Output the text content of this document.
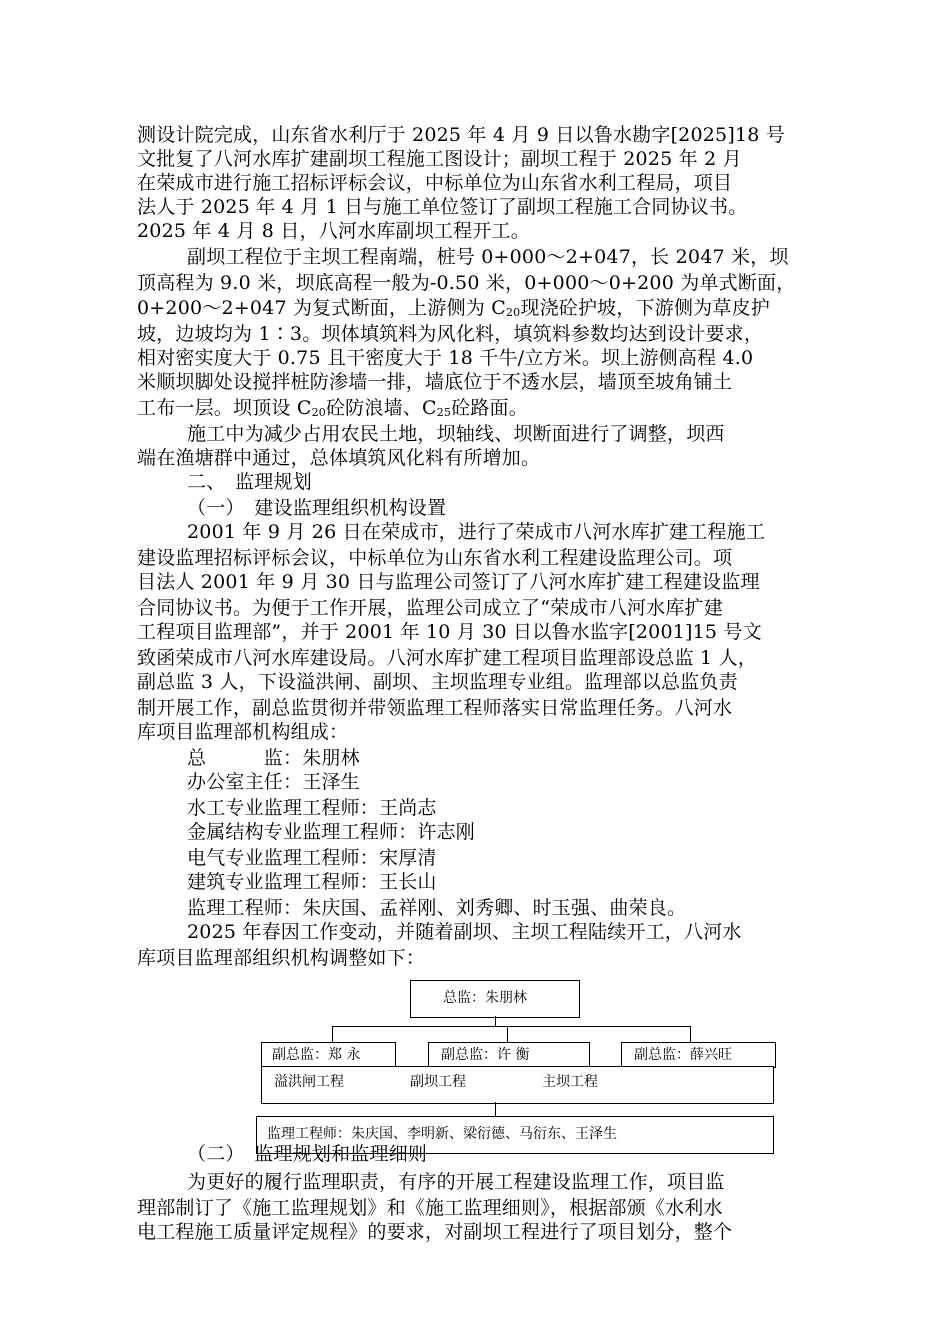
测设计院完成，山东省水利厅于 2025 年 4 月 9 日以鲁水勘字[2025]18 号
文批复了八河水库扩建副坝工程施工图设计；副坝工程于 2025 年 2 月
在荣成市进行施工招标评标会议，中标单位为山东省水利工程局，项目
法人于 2025 年 4 月 1 日与施工单位签订了副坝工程施工合同协议书。
2025 年 4 月 8 日，八河水库副坝工程开工。
副坝工程位于主坝工程南端，桩号 0+000～2+047，长 2047 米，坝
顶高程为 9.0 米，坝底高程一般为-0.50 米，0+000～0+200 为单式断面，
0+200～2+047 为复式断面，上游侧为 $C_{20}$现浇砼护坡，下游侧为草皮护
坡，边坡均为 1∶3。坝体填筑料为风化料，填筑料参数均达到设计要求，
相对密实度大于 0.75 且干密度大于 18 千牛/立方米。坝上游侧高程 4.0
米顺坝脚处设搅拌桩防渗墙一排，墙底位于不透水层，墙顶至坡角铺土
工布一层。坝顶设 $C_{20}$砼防浪墙、$C_{25}$砼路面。
施工中为减少占用农民土地，坝轴线、坝断面进行了调整，坝西
端在渔塘群中通过，总体填筑风化料有所增加。
二、　监理规划
（一）　建设监理组织机构设置
2001 年 9 月 26 日在荣成市，进行了荣成市八河水库扩建工程施工
建设监理招标评标会议，中标单位为山东省水利工程建设监理公司。项
目法人 2001 年 9 月 30 日与监理公司签订了八河水库扩建工程建设监理
合同协议书。为便于工作开展，监理公司成立了“荣成市八河水库扩建
工程项目监理部”，并于 2001 年 10 月 30 日以鲁水监字[2001]15 号文
致函荣成市八河水库建设局。八河水库扩建工程项目监理部设总监 1 人，
副总监 3 人，下设溢洪闸、副坝、主坝监理专业组。监理部以总监负责
制开展工作，副总监贯彻并带领监理工程师落实日常监理任务。八河水
库项目监理部机构组成：
总　　　监：朱朋林
办公室主任：王泽生
水工专业监理工程师：王尚志
金属结构专业监理工程师：许志刚
电气专业监理工程师：宋厚清
建筑专业监理工程师：王长山
监理工程师：朱庆国、孟祥刚、刘秀卿、时玉强、曲荣良。
2025 年春因工作变动，并随着副坝、主坝工程陆续开工，八河水
库项目监理部组织机构调整如下：
总监：朱朋林
副总监：郑 永	副总监：许 衡	副总监：薛兴旺
溢洪闸工程	副坝工程	主坝工程
监理工程师：朱庆国、李明新、梁衍德、马衍东、王泽生
（二）　监理规划和监理细则
为更好的履行监理职责，有序的开展工程建设监理工作，项目监
理部制订了《施工监理规划》和《施工监理细则》，根据部颁《水利水
电工程施工质量评定规程》的要求，对副坝工程进行了项目划分，整个
